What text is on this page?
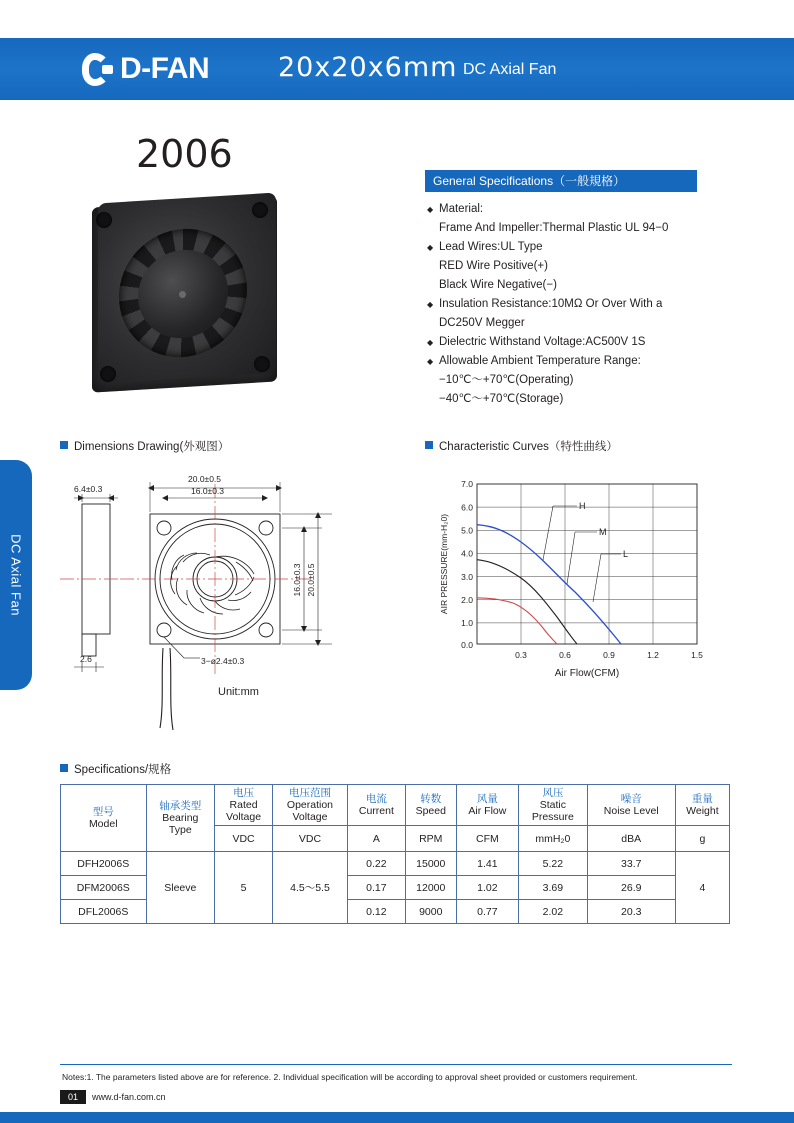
D-FAN	20x20x6mm DC Axial Fan
DC Axial Fan
2006
General Specifications（一般規格）
◆ Material:
Frame And Impeller:Thermal Plastic UL 94−0
◆ Lead Wires:UL Type
RED Wire Positive(+)
Black Wire Negative(−)
◆ Insulation Resistance:10MΩ Or Over With a
DC250V Megger
◆ Dielectric Withstand Voltage:AC500V 1S
◆ Allowable Ambient Temperature Range:
−10℃～+70℃(Operating)
−40℃～+70℃(Storage)
Dimensions Drawing(外观图）	Characteristic Curves（特性曲线）
Specifications/规格
6.4±0.3
2.6
20.0±0.5
16.0±0.3
3−ø2.4±0.3
16.0±0.3 20.0±0.5
Unit:mm
H
M
L
7.0
6.0
5.0
4.0
3.0
2.0
1.0
0.0
0.3	0.6	0.9	1.2	1.5
Air Flow(CFM)
AIR PRESSURE(mm-H₂0)
型号
Model

轴承类型
Bearing
Type

电压
Rated
Voltage

电压范围
Operation
Voltage

电流
Current

转数
Speed

风量
Air Flow

风压
Static
Pressure

噪音
Noise Level

重量
Weight

		VDC	VDC	A	RPM	CFM	mmH₂0	dBA	g
DFH2006S	Sleeve	5	4.5～5.5	0.22	15000	1.41	5.22	33.7	4
DFM2006S				0.17	12000	1.02	3.69	26.9	
DFL2006S				0.12	9000	0.77	2.02	20.3	
Notes:1. The parameters listed above are for reference. 2. Individual specification will be according to approval sheet provided or customers requirement.
01	www.d-fan.com.cn
